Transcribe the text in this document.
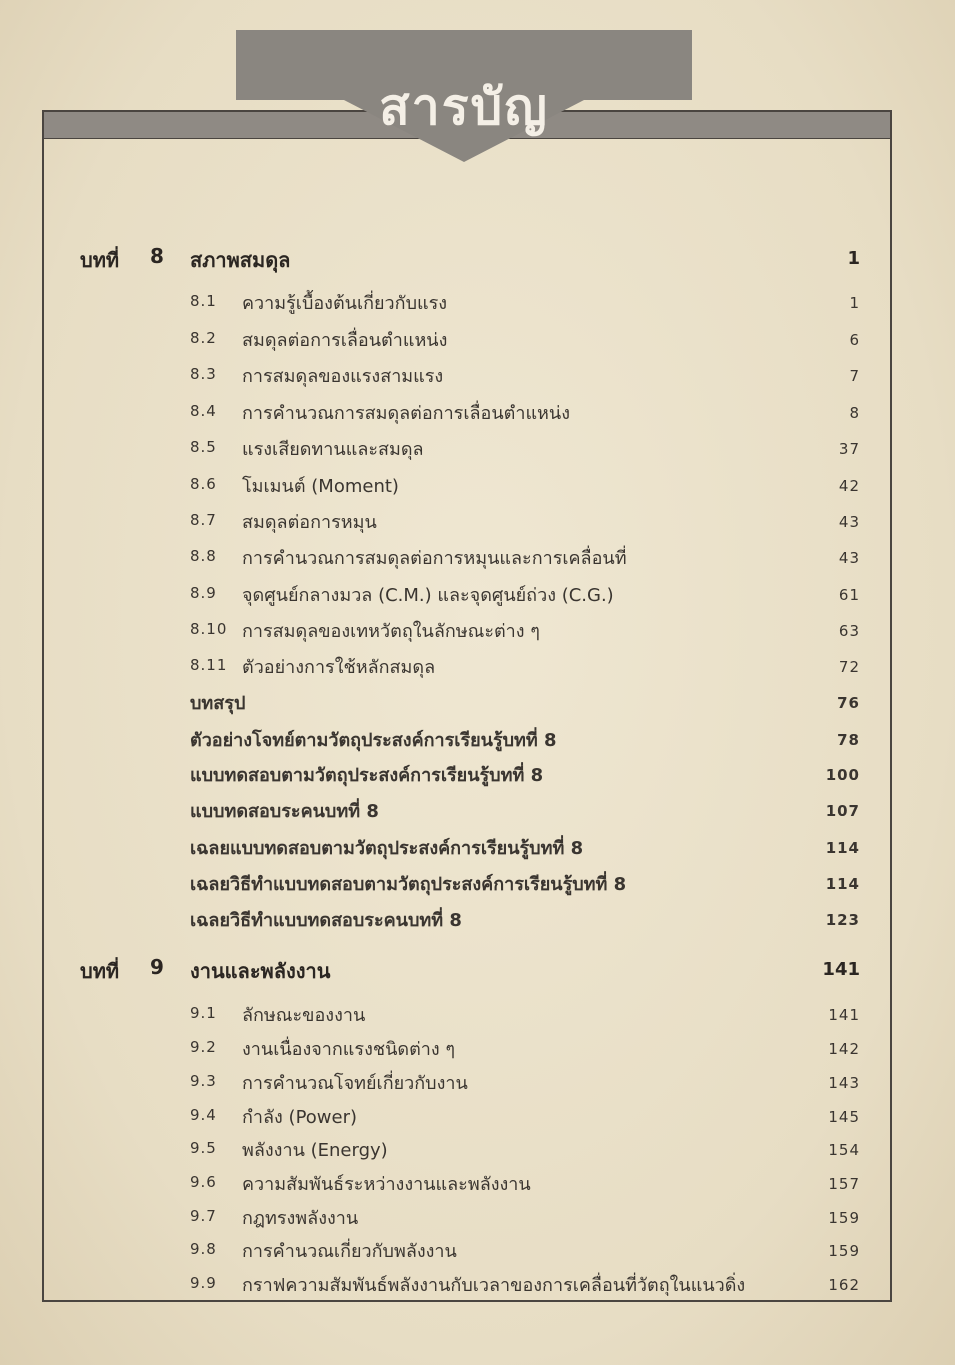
สารบัญ
บทที่ 8 สภาพสมดุล	1
8.1 ความรู้เบื้องต้นเกี่ยวกับแรง	1
8.2 สมดุลต่อการเลื่อนตำแหน่ง	6
8.3 การสมดุลของแรงสามแรง	7
8.4 การคำนวณการสมดุลต่อการเลื่อนตำแหน่ง	8
8.5 แรงเสียดทานและสมดุล	37
8.6 โมเมนต์ (Moment)	42
8.7 สมดุลต่อการหมุน	43
8.8 การคำนวณการสมดุลต่อการหมุนและการเคลื่อนที่	43
8.9 จุดศูนย์กลางมวล (C.M.) และจุดศูนย์ถ่วง (C.G.)	61
8.10 การสมดุลของเทหวัตถุในลักษณะต่าง ๆ	63
8.11 ตัวอย่างการใช้หลักสมดุล	72
บทสรุป	76
ตัวอย่างโจทย์ตามวัตถุประสงค์การเรียนรู้บทที่ 8	78
แบบทดสอบตามวัตถุประสงค์การเรียนรู้บทที่ 8	100
แบบทดสอบระคนบทที่ 8	107
เฉลยแบบทดสอบตามวัตถุประสงค์การเรียนรู้บทที่ 8	114
เฉลยวิธีทำแบบทดสอบตามวัตถุประสงค์การเรียนรู้บทที่ 8	114
เฉลยวิธีทำแบบทดสอบระคนบทที่ 8	123
บทที่ 9 งานและพลังงาน	141
9.1 ลักษณะของงาน	141
9.2 งานเนื่องจากแรงชนิดต่าง ๆ	142
9.3 การคำนวณโจทย์เกี่ยวกับงาน	143
9.4 กำลัง (Power)	145
9.5 พลังงาน (Energy)	154
9.6 ความสัมพันธ์ระหว่างงานและพลังงาน	157
9.7 กฎทรงพลังงาน	159
9.8 การคำนวณเกี่ยวกับพลังงาน	159
9.9 กราฟความสัมพันธ์พลังงานกับเวลาของการเคลื่อนที่วัตถุในแนวดิ่ง	162
